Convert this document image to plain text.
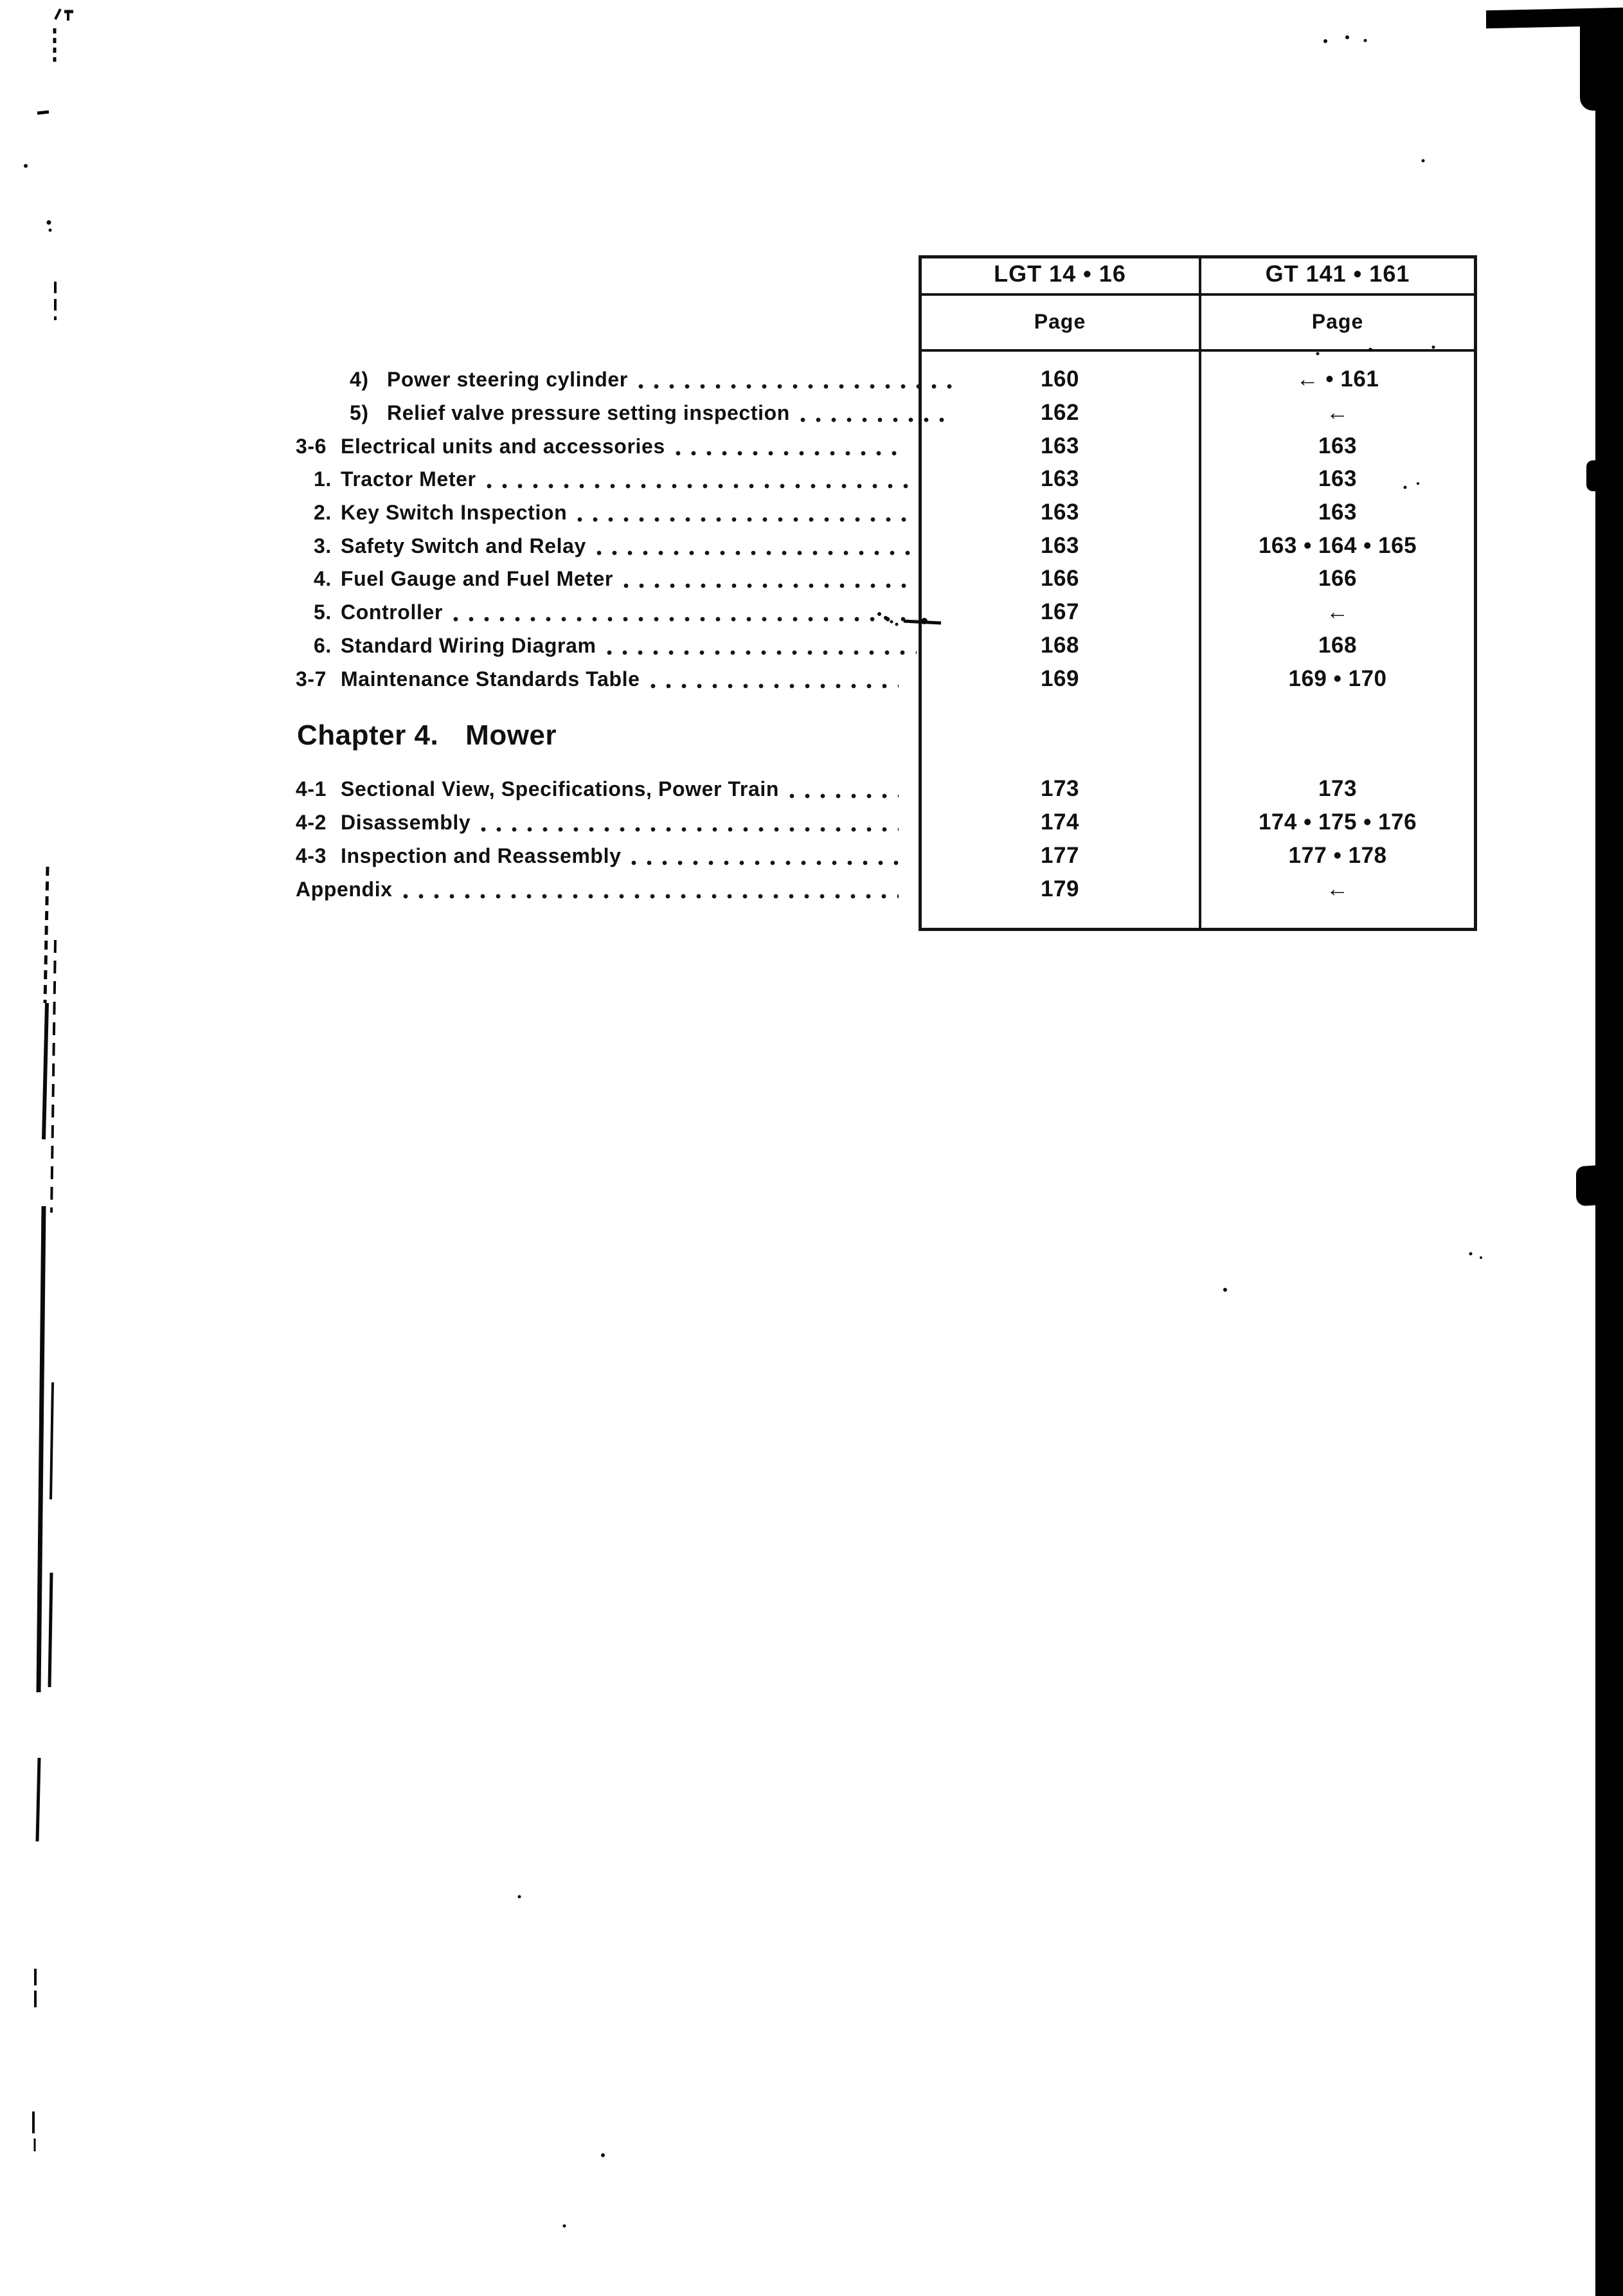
4) Power steering cylinder
5) Relief valve pressure setting inspection
3-6 Electrical units and accessories
1. Tractor Meter
2. Key Switch Inspection
3. Safety Switch and Relay
4. Fuel Gauge and Fuel Meter
5. Controller
6. Standard Wiring Diagram
3-7 Maintenance Standards Table
Chapter 4. Mower
4-1 Sectional View, Specifications, Power Train
4-2 Disassembly
4-3 Inspection and Reassembly
Appendix
LGT 14 • 16	GT 141 • 161
Page	Page
160
162
163
163
163
163
166
167
168
169
173
174
177
179
← • 161
←
163
163
163
163 • 164 • 165
166
←
168
169 • 170
173
174 • 175 • 176
177 • 178
←
